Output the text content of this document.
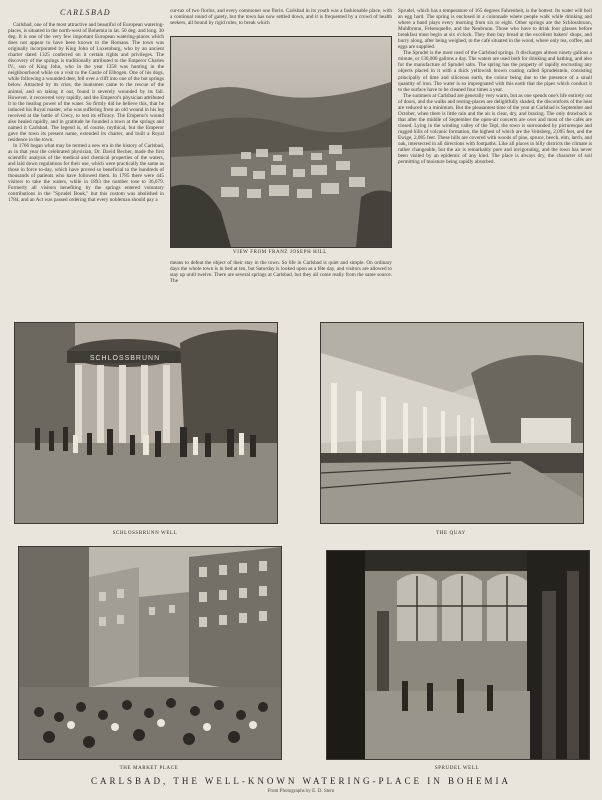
CARLSBAD

Carlsbad, one of the most attractive and beautiful of European watering-places, is situated in the north-west of Bohemia in lat. 50 deg. and long. 30 deg. It is one of the very few important European watering-places which does not appear to have been known to the Romans. The town was originally incorporated by King John of Luxemburg, who by an ancient charter dated 1325 conferred on it certain rights and privileges. The discovery of the springs is traditionally attributed to the Emperor Charles IV., son of King John, who in the year 1358 was hunting in the neighbourhood while on a visit to the Castle of Elbogen. One of his dogs, while following a wounded deer, fell over a cliff into one of the hot springs below. Attracted by its cries, the huntsmen came to the rescue of the animal, and on taking it out, found it severely wounded by its fall. However, it recovered very rapidly, and the Emperor's physician attributed it to the healing power of the water. So firmly did he believe this, that he induced his Royal master, who was suffering from an old wound in his leg received at the battle of Crecy, to test its efficacy. The Emperor's wound also healed rapidly, and in gratitude he founded a town at the springs and named it Carlsbad. The legend is, of course, mythical, but the Emperor gave the town its present name, extended its charter, and built a Royal residence in the town.

In 1766 began what may be termed a new era in the history of Carlsbad, as in that year the celebrated physician, Dr. David Becher, made the first scientific analysis of the medical and chemical properties of the waters, and laid down regulations for their use, which were practically the same as those in force to-day, which have proved so beneficial to the hundreds of thousands of patients who have followed them. In 1785 there were 445 visitors to take the waters, while in 1893 the number rose to 36,679. Formerly all visitors benefiting by the springs entered voluntary contributions in the "Sprudel Book," but this custom was abolished in 1784, and an Act was passed ordering that every nobleman should pay a

cur-tax of two florins, and every commoner one florin. Carlsbad in its youth was a fashionable place, with a continual round of gaiety, but the town has now settled down, and it is frequented by a crowd of health seekers, all bound by rigid rules, to break which

VIEW FROM FRANZ JOSEPH HILL

means to defeat the object of their stay in the town. So life in Carlsbad is quiet and simple. On ordinary days the whole town is in bed at ten, but Saturday is looked upon as a fête day, and visitors are allowed to stay up until twelve. There are several springs at Carlsbad, but they all come really from the same source. The

Sprudel, which has a temperature of 165 degrees Fahrenheit, is the hottest. Its water will boil an egg hard. The spring is enclosed in a colonnade where people walk while drinking and where a band plays every morning from six to eight. Other springs are the Schlossbrunn, Muhlbrunn, Felsenquelle, and the Neubrunn. Those who have to drink four glasses before breakfast must begin at six o'clock. They then buy bread at the excellent bakers' shops, and hurry along, after being weighed, to the café situated in the wood, where only tea, coffee, and eggs are supplied.

The Sprudel is the most used of the Carlsbad springs. It discharges almost ninety gallons a minute, or 130,000 gallons a day. The waters are used both for drinking and bathing, and also for the manufacture of Sprudel salts. The spring has the property of rapidly encrusting any objects placed in it with a thick yellowish brown coating called Sprudelstein, consisting principally of lime and siliceous earth, the colour being due to the presence of a small quantity of iron. The water is so impregnated with this earth that the pipes which conduct it to the surface have to be cleaned four times a year.

The summers at Carlsbad are generally very warm, but as one spends one's life entirely out of doors, and the walks and resting-places are delightfully shaded, the discomforts of the heat are reduced to a minimum. But the pleasantest time of the year at Carlsbad is September and October, when there is little rain and the air is clear, dry, and bracing. The only drawback is that after the middle of September the open-air concerts are over and most of the cafés are closed. Lying in the winding valley of the Tepl, the town is surrounded by picturesque and rugged hills of volcanic formation, the highest of which are the Veitsberg, 2,095 feet, and the Ewige, 2,085 feet. These hills are covered with woods of pine, spruce, beech, elm, larch, and oak, intersected in all directions with footpaths. Like all places in hilly districts the climate is rather changeable, but the air is remarkably pure and invigorating, and the town has never been visited by an epidemic of any kind. The place is always dry, the character of soil permitting of moisture being rapidly absorbed.

SCHLOSSBRUNN
SCHLOSSBRUNN WELL	THE QUAY
THE MARKET PLACE	SPRUDEL WELL
CARLSBAD, THE WELL-KNOWN WATERING-PLACE IN BOHEMIA
From Photographs by E. D. Stern
